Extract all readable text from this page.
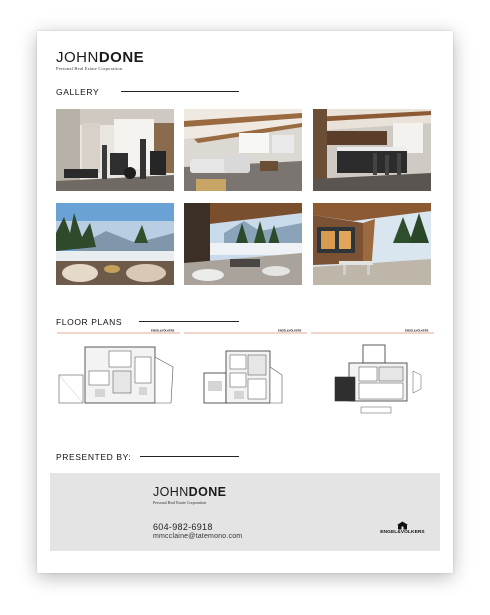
JOHNDONE
Personal Real Estate Corporation
GALLERY
FLOOR PLANS
ENGEL&VÖLKERS	ENGEL&VÖLKERS	ENGEL&VÖLKERS
PRESENTED BY:
JOHNDONE
Personal Real Estate Corporation
604-982-6918
mmcclaine@tatemono.com
ENGEL&VÖLKERS
